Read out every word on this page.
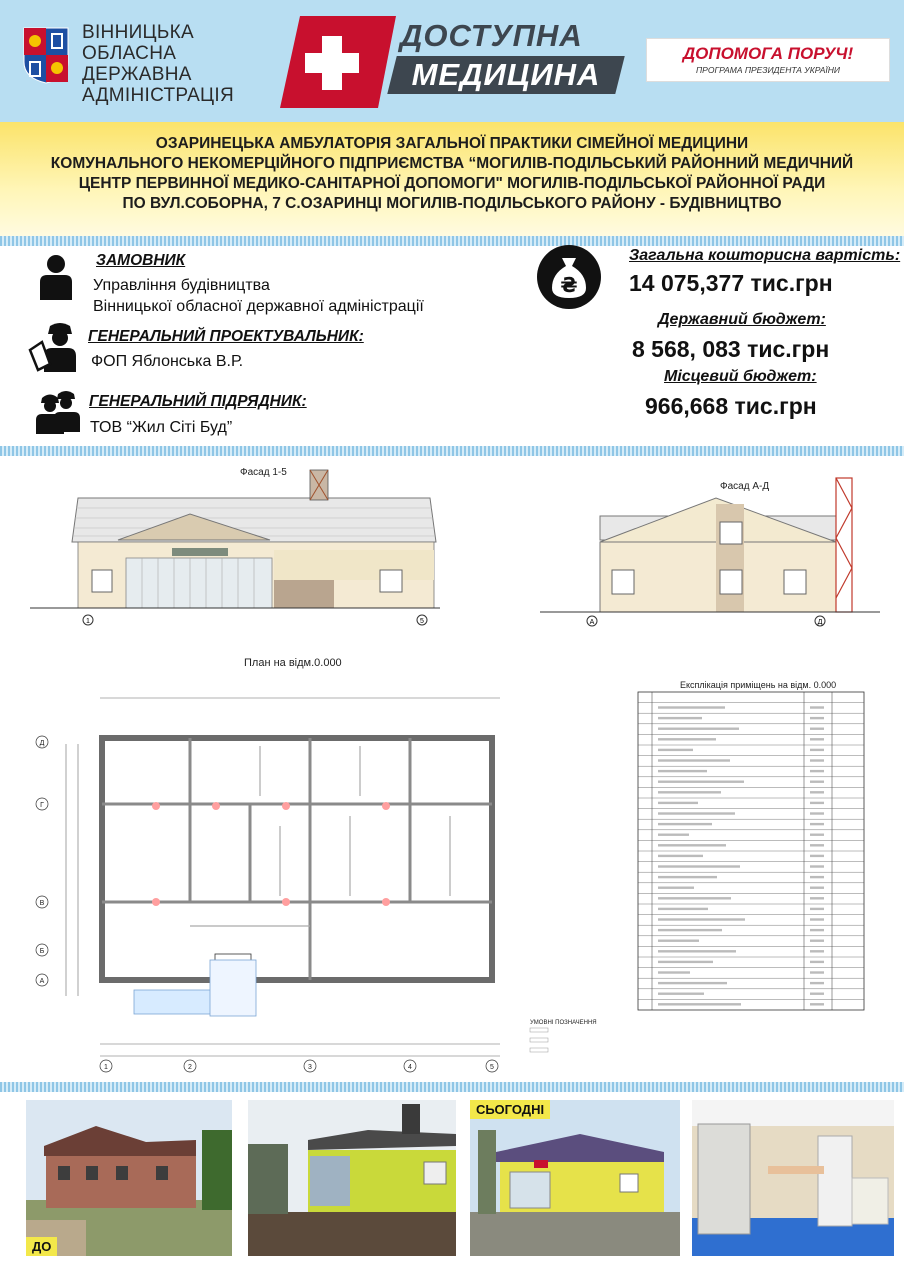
ВІННИЦЬКА
ОБЛАСНА
ДЕРЖАВНА
АДМІНІСТРАЦІЯ
ДОСТУПНА
МЕДИЦИНА
ДОПОМОГА ПОРУЧ!
ПРОГРАМА ПРЕЗИДЕНТА УКРАЇНИ
ОЗАРИНЕЦЬКА АМБУЛАТОРІЯ ЗАГАЛЬНОЇ ПРАКТИКИ СІМЕЙНОЇ МЕДИЦИНИ
КОМУНАЛЬНОГО НЕКОМЕРЦІЙНОГО ПІДПРИЄМСТВА “МОГИЛІВ-ПОДІЛЬСЬКИЙ РАЙОННИЙ МЕДИЧНИЙ
ЦЕНТР ПЕРВИННОЇ МЕДИКО-САНІТАРНОЇ ДОПОМОГИ" МОГИЛІВ-ПОДІЛЬСЬКОЇ РАЙОННОЇ РАДИ
ПО ВУЛ.СОБОРНА, 7 С.ОЗАРИНЦІ МОГИЛІВ-ПОДІЛЬСЬКОГО РАЙОНУ - БУДІВНИЦТВО
ЗАМОВНИК
Управління будівництва
Вінницької обласної державної адміністрації
ГЕНЕРАЛЬНИЙ ПРОЕКТУВАЛЬНИК:
ФОП Яблонська В.Р.
ГЕНЕРАЛЬНИЙ ПІДРЯДНИК:
ТОВ “Жил Сіті Буд”
₴
Загальна кошторисна вартість:
14 075,377 тис.грн
Державний бюджет:
8 568, 083 тис.грн
Місцевий бюджет:
966,668 тис.грн
Фасад 1-5
1	5
Фасад А-Д
А	Д
План на відм.0.000
Д
Г
В
Б
А
1	2	3	4	5
УМОВНІ ПОЗНАЧЕННЯ
Експлікація приміщень на відм. 0.000
ДО
СЬОГОДНІ
